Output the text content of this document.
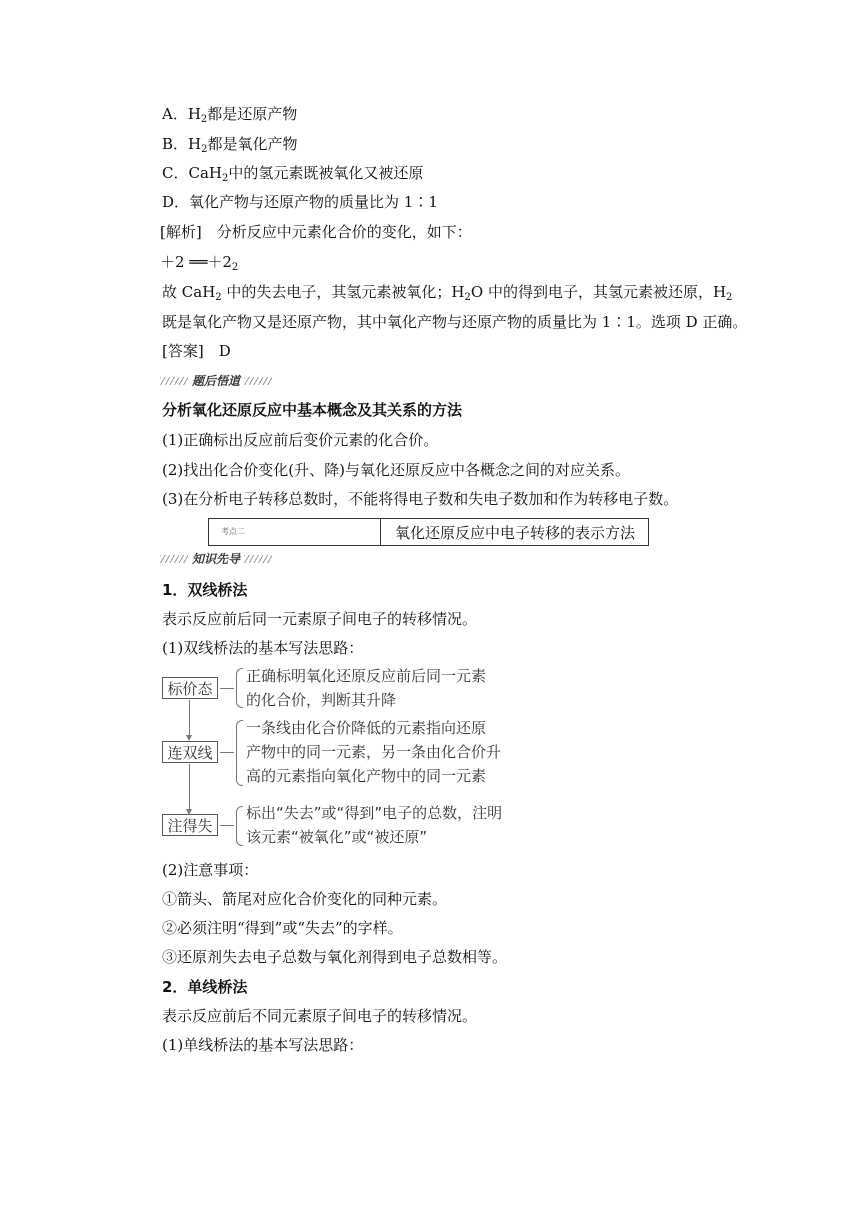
A．$H_2$都是还原产物
B．$H_2$都是氧化产物
C．CaH$_2$中的氢元素既被氧化又被还原
D．氧化产物与还原产物的质量比为 1∶1
[解析]　分析反应中元素化合价的变化，如下：
＋2 $══+2_2$
故 CaH$_2$ 中的失去电子，其氢元素被氧化；$H_2O$ 中的得到电子，其氢元素被还原，$H_2$
既是氧化产物又是还原产物，其中氧化产物与还原产物的质量比为 1∶1。选项 D 正确。
[答案]　D
题后悟道
分析氧化还原反应中基本概念及其关系的方法
(1)正确标出反应前后变价元素的化合价。
(2)找出化合价变化(升、降)与氧化还原反应中各概念之间的对应关系。
(3)在分析电子转移总数时，不能将得电子数和失电子数加和作为转移电子数。
考点二	氧化还原反应中电子转移的表示方法
知识先导
1．双线桥法
表示反应前后同一元素原子间电子的转移情况。
(1)双线桥法的基本写法思路：
标价态
正确标明氧化还原反应前后同一元素
的化合价，判断其升降
连双线
一条线由化合价降低的元素指向还原
产物中的同一元素，另一条由化合价升
高的元素指向氧化产物中的同一元素
注得失
标出“失去”或“得到”电子的总数，注明
该元素“被氧化”或“被还原”
(2)注意事项：
①箭头、箭尾对应化合价变化的同种元素。
②必须注明“得到”或“失去”的字样。
③还原剂失去电子总数与氧化剂得到电子总数相等。
2．单线桥法
表示反应前后不同元素原子间电子的转移情况。
(1)单线桥法的基本写法思路：
